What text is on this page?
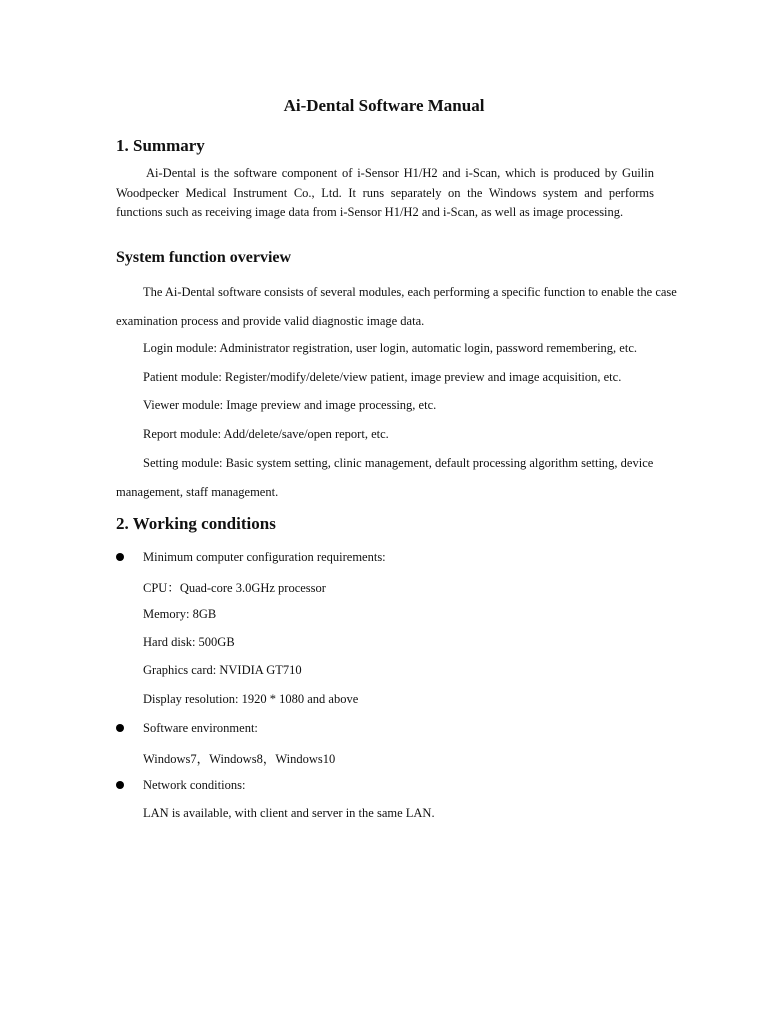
Ai-Dental Software Manual
1. Summary

Ai-Dental is the software component of i-Sensor H1/H2 and i-Scan, which is produced by Guilin Woodpecker Medical Instrument Co., Ltd. It runs separately on the Windows system and performs functions such as receiving image data from i-Sensor H1/H2 and i-Scan, as well as image processing.

System function overview

The Ai-Dental software consists of several modules, each performing a specific function to enable the case examination process and provide valid diagnostic image data.

Login module: Administrator registration, user login, automatic login, password remembering, etc.

Patient module: Register/modify/delete/view patient, image preview and image acquisition, etc.

Viewer module: Image preview and image processing, etc.

Report module: Add/delete/save/open report, etc.

Setting module: Basic system setting, clinic management, default processing algorithm setting, device management, staff management.

2. Working conditions

Minimum computer configuration requirements:

CPU：Quad-core 3.0GHz processor

Memory: 8GB

Hard disk: 500GB

Graphics card: NVIDIA GT710

Display resolution: 1920 * 1080 and above

Software environment:

Windows7，Windows8，Windows10

Network conditions:

LAN is available, with client and server in the same LAN.
